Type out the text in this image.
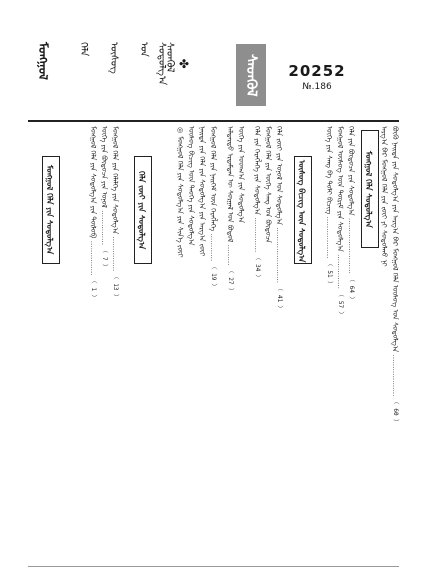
ᠮᠣᠩᠭᠣᠯ	ᠬᠡᠯᠡ	ᠦᠰᠦᠭ	ᠤᠨ ᠰᠤᠳᠤᠯᠭ᠎ᠠ
ᠰᠡᠳᠬᠦᠯ ✤	ᠰᠡᠳᠬᠦᠯ	20252
№.186
ᠪᠦᠬᠦ ᠨᠡᠢᠲᠡ ᠶᠢᠨ ᠰᠤᠳᠤᠯᠭ᠎ᠠ ᠶᠢᠨ ᠠᠷᠭ᠎ᠠ ᠪᠠᠷ ᠮᠣᠩᠭᠣᠯ ᠬᠡᠯᠡ ᠦᠰᠦᠭ ᠤᠨ ᠰᠤᠳᠤᠯᠭ᠎ᠠ ……………… （ 60 ）
ᠠᠷᠭ᠎ᠠ ᠪᠠᠷ ᠮᠣᠩᠭᠣᠯ ᠬᠡᠯᠡ ᠶᠢᠨ ᠵᠦᠢ ᠶᠢ ᠰᠤᠳᠤᠯᠬᠤ ᠨᠢ
ᠮᠣᠩᠭᠣᠯ ᠬᠡᠯᠡ ᠰᠤᠳᠤᠯᠭ᠎ᠠ
ᠬᠡᠯᠡ ᠶᠢᠨ ᠪᠦᠲᠦᠴᠡ ᠶᠢᠨ ᠰᠤᠳᠤᠯᠭ᠎ᠠ …………………… （ 64 ）
ᠮᠣᠩᠭᠣᠯ ᠦᠰᠦᠭ ᠦᠨ ᠳᠦᠷᠢᠮ ᠶᠢᠨ ᠰᠤᠳᠤᠯᠭ᠎ᠠ …………… （ 57 ）
ᠦᠭᠡ ᠶᠢᠨ ᠰᠠᠩ ᠪᠠ ᠲᠣᠯᠢ ᠪᠢᠴᠢᠭ ……………… （ 51 ）
ᠦᠰᠦᠭ ᠪᠢᠴᠢᠭ ᠦᠨ ᠰᠤᠳᠤᠯᠭ᠎ᠠ
ᠬᠡᠯᠡ ᠵᠦᠢ ᠶᠢᠨ ᠣᠨᠣᠯ ᠤᠨ ᠰᠤᠳᠤᠯᠭ᠎ᠠ …………………… （ 41 ）
ᠮᠣᠩᠭᠣᠯ ᠬᠡᠯᠡ ᠶᠢᠨ ᠦᠭᠡ ᠰᠠᠩ ᠤᠨ ᠪᠦᠲᠦᠴᠡ
ᠬᠡᠯᠡ ᠶᠢᠨ ᠬᠡᠷᠡᠭᠯᠡᠭᠡ ᠶᠢᠨ ᠰᠤᠳᠤᠯᠭ᠎ᠠ …………… （ 34 ）
ᠦᠭᠡ ᠶᠢᠨ ᠤᠳᠬ᠎ᠠ ᠶᠢᠨ ᠰᠤᠳᠤᠯᠭ᠎ᠠ
ᠠᠯᠳᠠᠷᠲᠤ ᠡᠷᠳᠡᠮᠲᠡᠨ ᠦ ᠰᠤᠷᠭᠠᠯ ᠤᠨ ᠪᠣᠳᠤᠯ ……… （ 27 ）
ᠮᠣᠩᠭᠣᠯ ᠬᠡᠯᠡ ᠶᠢᠨ ᠨᠡᠢᠭᠡᠮ ᠦᠨ ᠬᠡᠷᠡᠭᠯᠡᠭᠡ ………… （ 19 ）
ᠨᠡᠢᠲᠡ ᠶᠢᠨ ᠬᠡᠯᠡ ᠶᠢᠨ ᠰᠤᠳᠤᠯᠭ᠎ᠠ ᠶᠢᠨ ᠠᠷᠭ᠎ᠠ ᠵᠦᠢ
ᠦᠰᠦᠭ ᠪᠢᠴᠢᠭ ᠦᠨ ᠲᠡᠦᠬᠡ ᠶᠢᠨ ᠰᠤᠳᠤᠯᠭ᠎ᠠ
◎ ᠮᠣᠩᠭᠣᠯ ᠬᠡᠯᠡ ᠶᠢᠨ ᠰᠤᠳᠤᠯᠭ᠎ᠠ ᠶᠢᠨ ᠰᠢᠨ᠎ᠡ ᠵᠦᠢ
ᠬᠡᠯᠡ ᠵᠦᠢ ᠶᠢᠨ ᠰᠤᠳᠤᠯᠭ᠎ᠠ
ᠮᠣᠩᠭᠣᠯ ᠬᠡᠯᠡ ᠶᠢᠨ ᠬᠡᠯᠡᠯᠭᠡ ᠶᠢᠨ ᠰᠤᠳᠤᠯᠭ᠎ᠠ …………… （ 13 ）
ᠦᠭᠡ ᠶᠢᠨ ᠪᠦᠲᠦᠴᠡ ᠶᠢᠨ ᠣᠨᠣᠯ …………… （ 7 ）
ᠮᠣᠩᠭᠣᠯ ᠬᠡᠯᠡ ᠶᠢᠨ ᠰᠤᠳᠤᠯᠭ᠎ᠠ ᠶᠢᠨ ᠲᠥᠯᠥᠪ …………… （ 1 ）
ᠮᠣᠩᠭᠣᠯ ᠬᠡᠯᠡ ᠶᠢᠨ ᠰᠤᠳᠤᠯᠭ᠎ᠠ
